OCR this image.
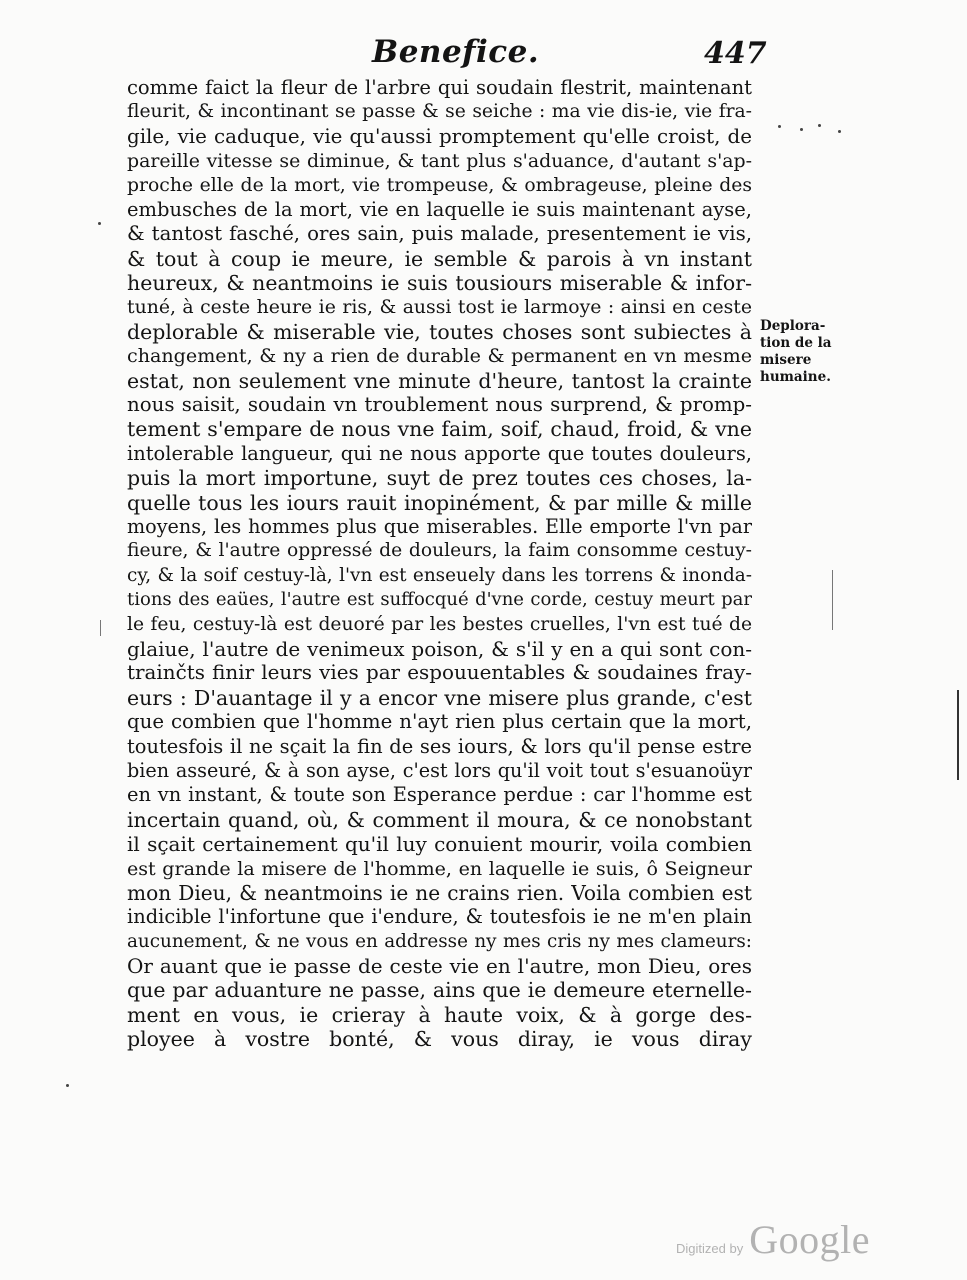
Benefice.	447
comme faict la fleur de l'arbre qui soudain flestrit, maintenant
fleurit, & incontinant se passe & se seiche : ma vie dis-ie, vie fra-
gile, vie caduque, vie qu'aussi promptement qu'elle croist, de
pareille vitesse se diminue, & tant plus s'aduance, d'autant s'ap-
proche elle de la mort, vie trompeuse, & ombrageuse, pleine des
embusches de la mort, vie en laquelle ie suis maintenant ayse,
& tantost fasché, ores sain, puis malade, presentement ie vis,
& tout à coup ie meure, ie semble & parois à vn instant
heureux, & neantmoins ie suis tousiours miserable & infor-
tuné, à ceste heure ie ris, & aussi tost ie larmoye : ainsi en ceste
deplorable & miserable vie, toutes choses sont subiectes à
changement, & ny a rien de durable & permanent en vn mesme
estat, non seulement vne minute d'heure, tantost la crainte
nous saisit, soudain vn troublement nous surprend, & promp-
tement s'empare de nous vne faim, soif, chaud, froid, & vne
intolerable langueur, qui ne nous apporte que toutes douleurs,
puis la mort importune, suyt de prez toutes ces choses, la-
quelle tous les iours rauit inopinément, & par mille & mille
moyens, les hommes plus que miserables. Elle emporte l'vn par
fieure, & l'autre oppressé de douleurs, la faim consomme cestuy-
cy, & la soif cestuy-là, l'vn est enseuely dans les torrens & inonda-
tions des eaües, l'autre est suffocqué d'vne corde, cestuy meurt par
le feu, cestuy-là est deuoré par les bestes cruelles, l'vn est tué de
glaiue, l'autre de venimeux poison, & s'il y en a qui sont con-
trainčts finir leurs vies par espouuentables & soudaines fray-
eurs : D'auantage il y a encor vne misere plus grande, c'est
que combien que l'homme n'ayt rien plus certain que la mort,
toutesfois il ne sçait la fin de ses iours, & lors qu'il pense estre
bien asseuré, & à son ayse, c'est lors qu'il voit tout s'esuanoüyr
en vn instant, & toute son Esperance perdue : car l'homme est
incertain quand, où, & comment il moura, & ce nonobstant
il sçait certainement qu'il luy conuient mourir, voila combien
est grande la misere de l'homme, en laquelle ie suis, ô Seigneur
mon Dieu, & neantmoins ie ne crains rien. Voila combien est
indicible l'infortune que i'endure, & toutesfois ie ne m'en plain
aucunement, & ne vous en addresse ny mes cris ny mes clameurs:
Or auant que ie passe de ceste vie en l'autre, mon Dieu, ores
que par aduanture ne passe, ains que ie demeure eternelle-
ment en vous, ie crieray à haute voix, & à gorge des-
ployee à vostre bonté, & vous diray, ie vous diray
Deplora-
tion de la
misere
humaine.
Digitized by Google
